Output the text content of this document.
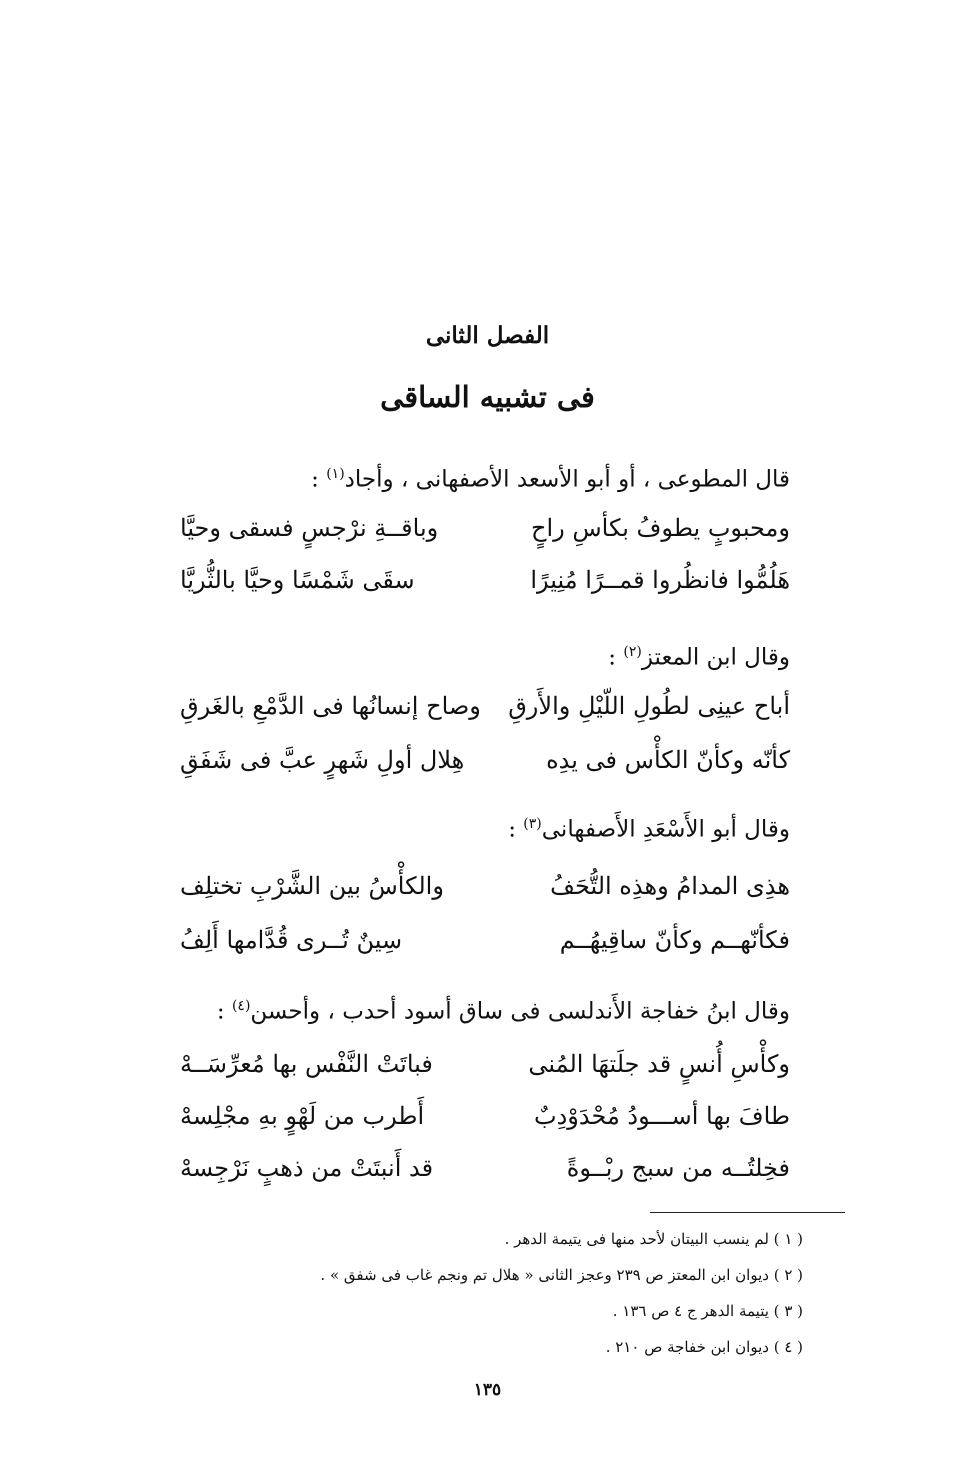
الفصل الثانى
فى تشبيه الساقى
قال المطوعى ، أو أبو الأسعد الأصفهانى ، وأجاد$^{(١)}$ :
ومحبوبٍ يطوفُ بكأسِ راحٍ
وباقــةِ نرْجسٍ فسقى وحيَّا
هَلُمُّوا فانظُروا قمــرًا مُنِيرًا
سقَى شَمْسًا وحيَّا بالثُّريَّا
وقال ابن المعتز$^{(٢)}$ :
أباح عينِى لطُولِ اللّيْلِ والأَرقِ
وصاح إنسانُها فى الدَّمْعِ بالغَرقِ
كأنّه وكأنّ الكأْس فى يدِه
هِلال أولِ شَهرٍ عبَّ فى شَفَقِ
وقال أبو الأَسْعَدِ الأَصفهانى$^{(٣)}$ :
هذِى المدامُ وهذِه التُّحَفُ
والكأْسُ بين الشَّرْبِ تختلِف
فكأنّهــم وكأنّ ساقِيهُــم
سِينٌ تُــرى قُدَّامها أَلِفُ
وقال ابنُ خفاجة الأَندلسى فى ساق أسود أحدب ، وأحسن$^{(٤)}$ :
وكأْسِ أُنسٍ قد جلَتهَا المُنى
فباتَتْ النَّفْس بها مُعرِّسَــهْ
طافَ بها أســـودُ مُحْدَوْدِبٌ
أَطرب من لَهْوٍ بهِ مجْلِسهْ
فخِلتُــه من سبج ربْــوةً
قد أَنبتَتْ من ذهبٍ نَرْجِسهْ
( ١ ) لم ينسب البيتان لأحد منها فى يتيمة الدهر .
( ٢ ) ديوان ابن المعتز ص ٢٣٩ وعجز الثانى « هلال تم ونجم غاب فى شفق » .
( ٣ ) يتيمة الدهر ج ٤ ص ١٣٦ .
( ٤ ) ديوان ابن خفاجة ص ٢١٠ .
١٣٥
